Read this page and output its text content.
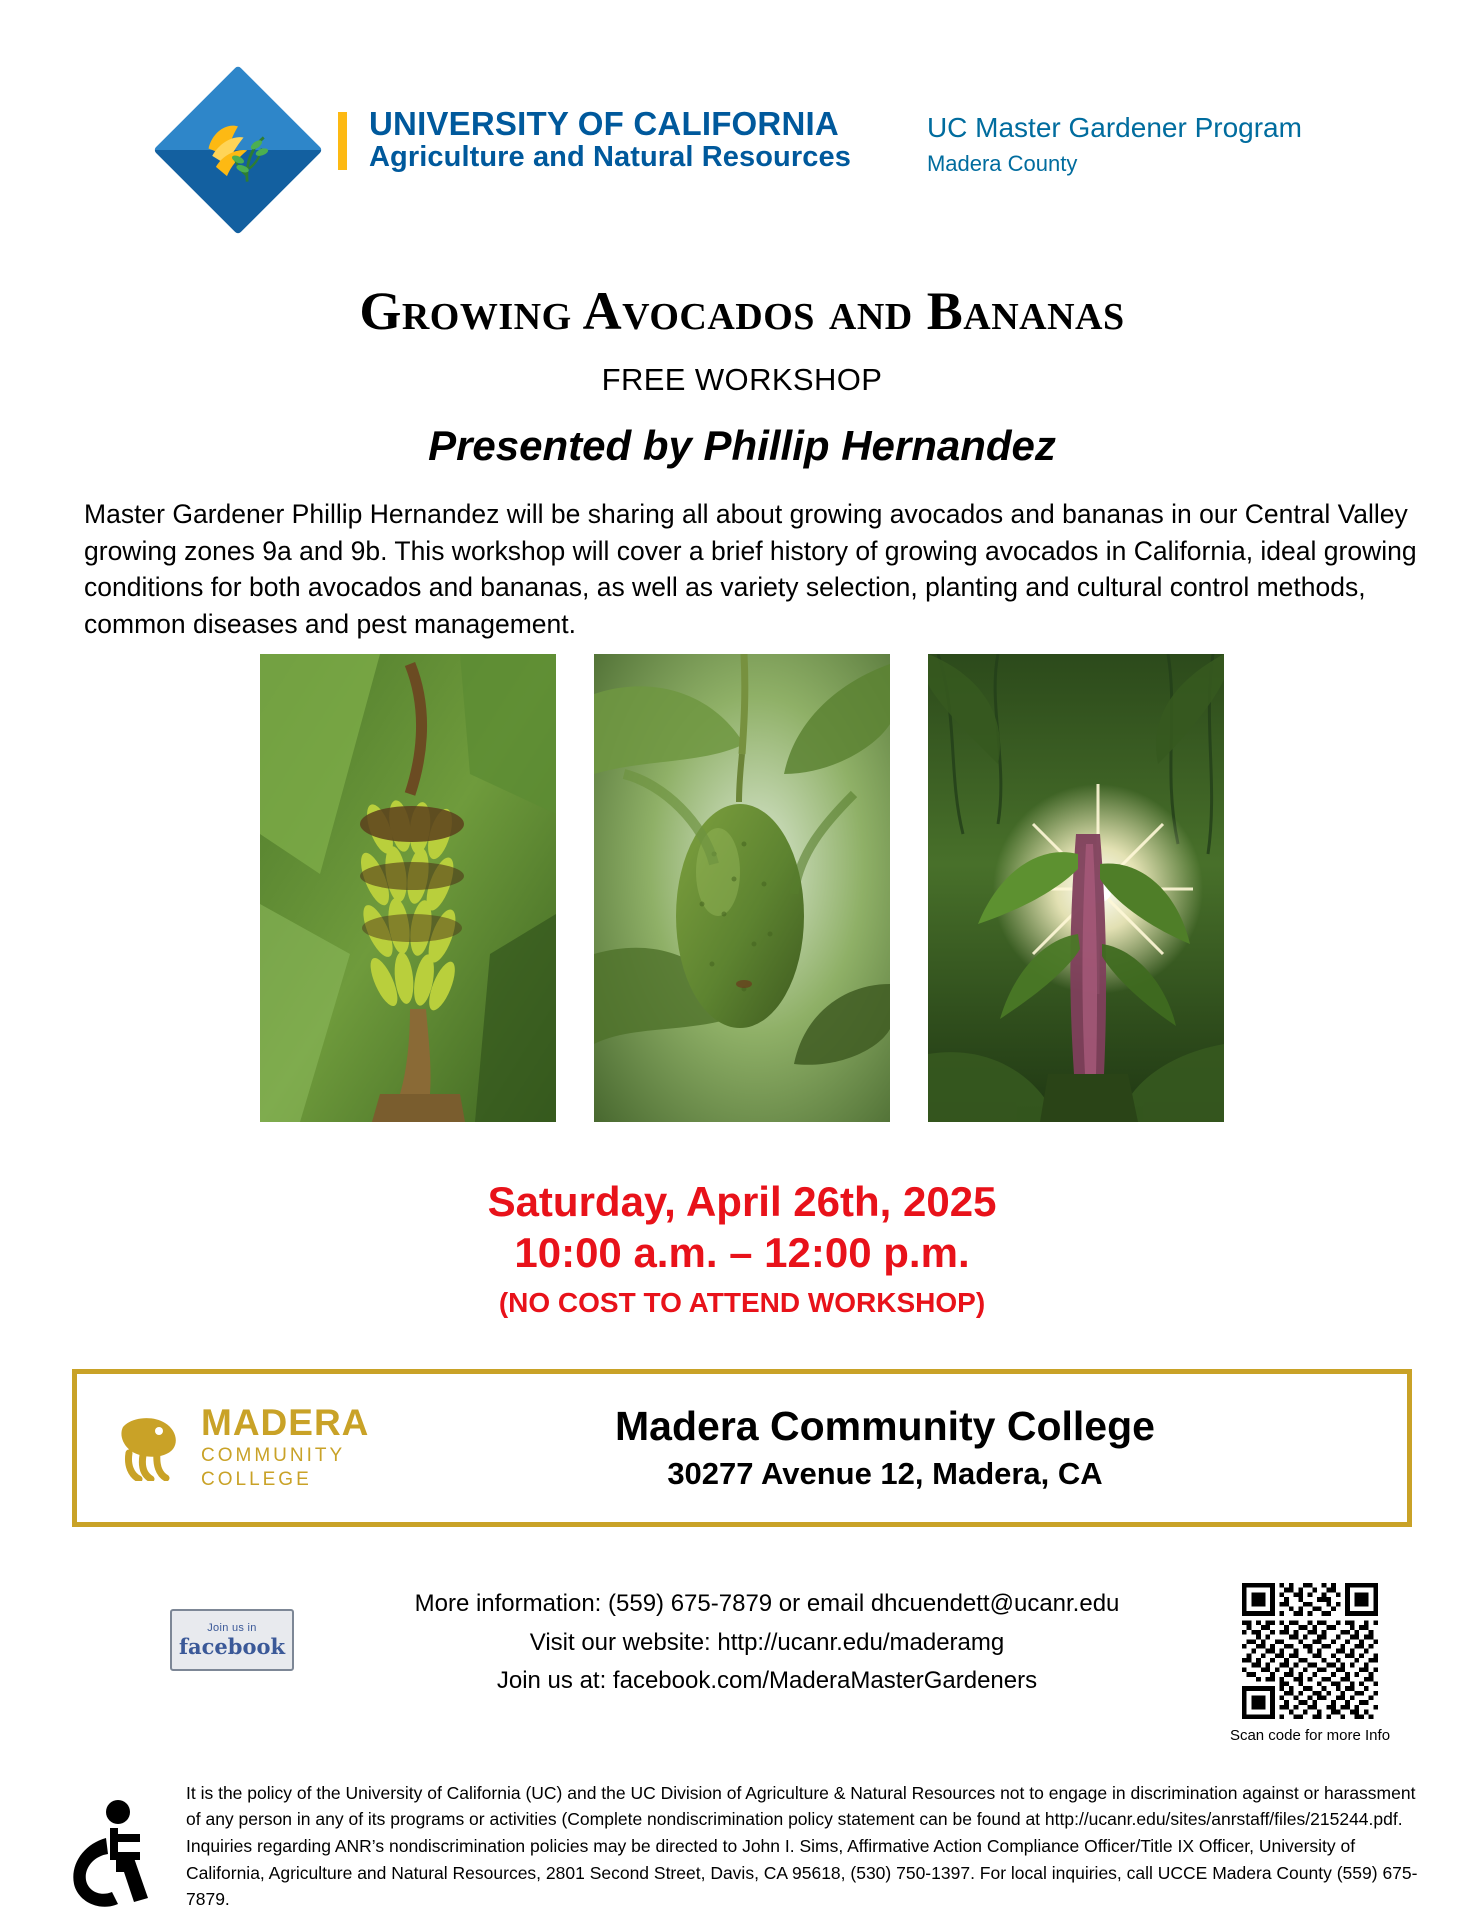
UNIVERSITY OF CALIFORNIA
Agriculture and Natural Resources
UC Master Gardener Program
Madera County
Growing Avocados and Bananas
FREE WORKSHOP
Presented by Phillip Hernandez
Master Gardener Phillip Hernandez will be sharing all about growing avocados and bananas in our Central Valley growing zones 9a and 9b. This workshop will cover a brief history of growing avocados in California, ideal growing conditions for both avocados and bananas, as well as variety selection, planting and cultural control methods, common diseases and pest management.
Saturday, April 26th, 2025
10:00 a.m. – 12:00 p.m.
(NO COST TO ATTEND WORKSHOP)
MADERA
COMMUNITY
COLLEGE
Madera Community College
30277 Avenue 12, Madera, CA
Join us in
facebook
More information: (559) 675-7879 or email dhcuendett@ucanr.edu
Visit our website: http://ucanr.edu/maderamg
Join us at: facebook.com/MaderaMasterGardeners
Scan code for more Info
It is the policy of the University of California (UC) and the UC Division of Agriculture & Natural Resources not to engage in discrimination against or harassment of any person in any of its programs or activities (Complete nondiscrimination policy statement can be found at http://ucanr.edu/sites/anrstaff/files/215244.pdf. Inquiries regarding ANR’s nondiscrimination policies may be directed to John I. Sims, Affirmative Action Compliance Officer/Title IX Officer, University of California, Agriculture and Natural Resources, 2801 Second Street, Davis, CA 95618, (530) 750-1397. For local inquiries, call UCCE Madera County (559) 675-7879.
